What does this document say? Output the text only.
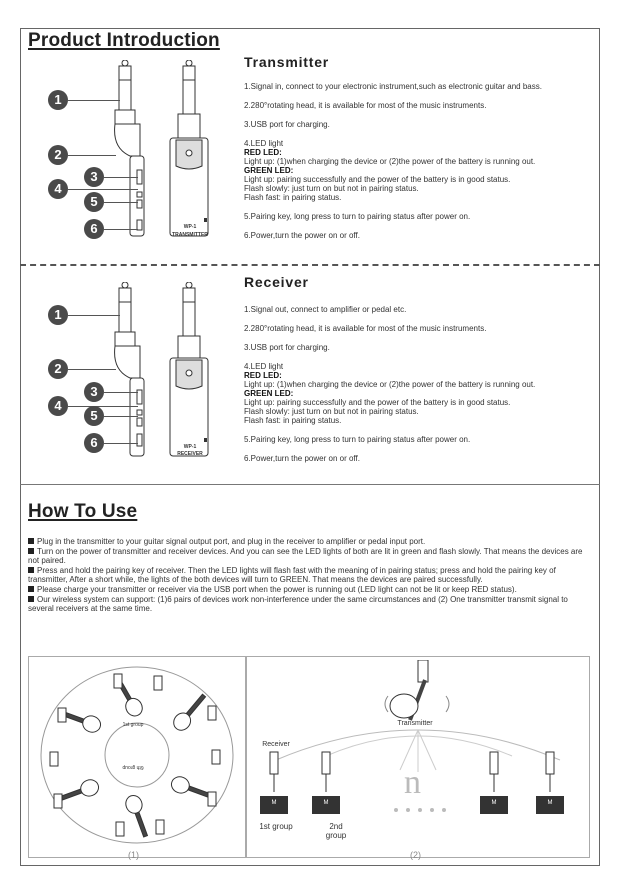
Product Introduction
Transmitter

1.Signal in, connect to your electronic instrument,such as electronic guitar and bass.

2.280°rotating head, it is available for most of the music instruments.

3.USB port for charging.

4.LED light
RED LED:
Light up: (1)when charging the device or (2)the power of the battery is running out.
GREEN LED:
Light up: pairing successfully and the power of the battery is in good status.
Flash slowly: just turn on but not in pairing status.
Flash fast: in pairing status.

5.Pairing key, long press to turn to pairing status after power on.

6.Power,turn the power on or off.

WP-1
TRANSMITTER
1
2
3
4
5
6
Receiver

1.Signal out, connect to amplifier or pedal etc.

2.280°rotating head, it is available for most of the music instruments.

3.USB port for charging.

4.LED light
RED LED:
Light up: (1)when charging the device or (2)the power of the battery is running out.
GREEN LED:
Light up: pairing successfully and the power of the battery is in good status.
Flash slowly: just turn on but not in pairing status.
Flash fast: in pairing status.

5.Pairing key, long press to turn to pairing status after power on.

6.Power,turn the power on or off.

WP-1
RECEIVER
1
2
3
4
5
6
How To Use

Plug in the transmitter to your guitar signal output port, and plug in the receiver to amplifier or pedal input port.

Turn on the power of transmitter and receiver devices. And you can see the LED lights of both are lit in green and flash slowly. That means the devices are not paired.

Press and hold the pairing key of receiver. Then the LED lights will flash fast with the meaning of in pairing status; press and hold the pairing key of transmitter, After a short while, the lights of the both devices will turn to GREEN. That means the devices are paired successfully.

Please charge your transmitter or receiver via the USB port when the power is running out (LED light can not be lit or keep RED status).

Our wireless system can support: (1)6 pairs of devices work non-interference under the same circumstances and (2) One transmitter transmit signal to several receivers at the same time.

1st group
6th group
(1)
Transmitter
Receiver
n
M	M	M	M
1st group	2nd group
(2)
